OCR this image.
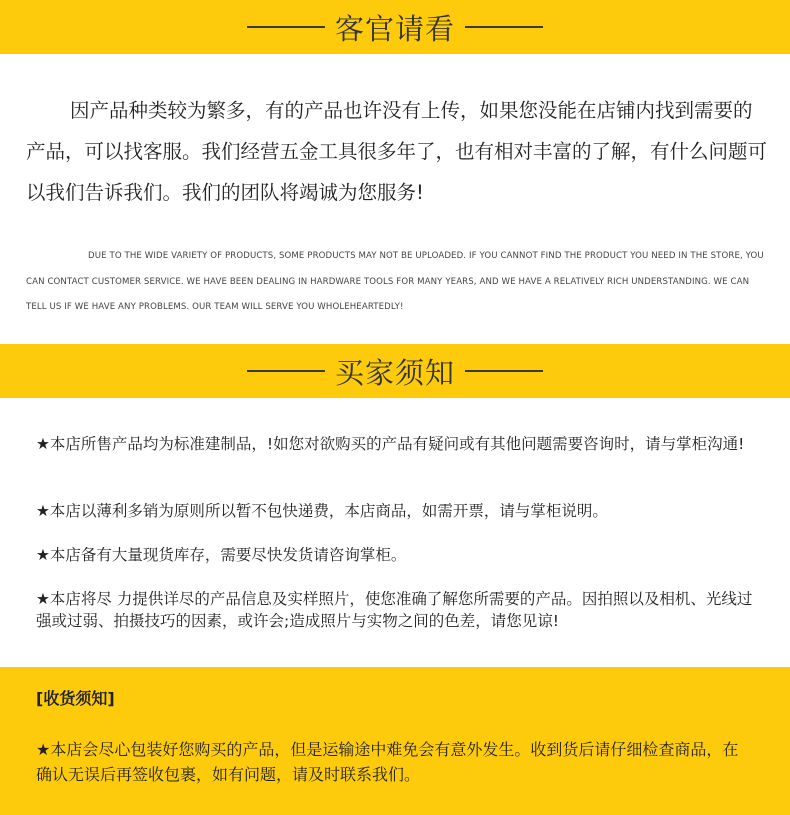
客官请看

因产品种类较为繁多，有的产品也许没有上传，如果您没能在店铺内找到需要的产品，可以找客服。我们经营五金工具很多年了，也有相对丰富的了解，有什么问题可以我们告诉我们。我们的团队将竭诚为您服务!

DUE TO THE WIDE VARIETY OF PRODUCTS, SOME PRODUCTS MAY NOT BE UPLOADED. IF YOU CANNOT FIND THE PRODUCT YOU NEED IN THE STORE, YOU CAN CONTACT CUSTOMER SERVICE. WE HAVE BEEN DEALING IN HARDWARE TOOLS FOR MANY YEARS, AND WE HAVE A RELATIVELY RICH UNDERSTANDING. WE CAN TELL US IF WE HAVE ANY PROBLEMS. OUR TEAM WILL SERVE YOU WHOLEHEARTEDLY!

买家须知

★本店所售产品均为标准建制品，!如您对欲购买的产品有疑问或有其他问题需要咨询时，请与掌柜沟通!

★本店以薄利多销为原则所以暂不包快递费，本店商品，如需开票，请与掌柜说明。

★本店备有大量现货库存，需要尽快发货请咨询掌柜。

★本店将尽 力提供详尽的产品信息及实样照片，使您准确了解您所需要的产品。因拍照以及相机、光线过强或过弱、拍摄技巧的因素，或许会;造成照片与实物之间的色差，请您见谅!

[收货须知]

★本店会尽心包装好您购买的产品，但是运输途中难免会有意外发生。收到货后请仔细检查商品，在确认无误后再签收包裹，如有问题，请及时联系我们。
